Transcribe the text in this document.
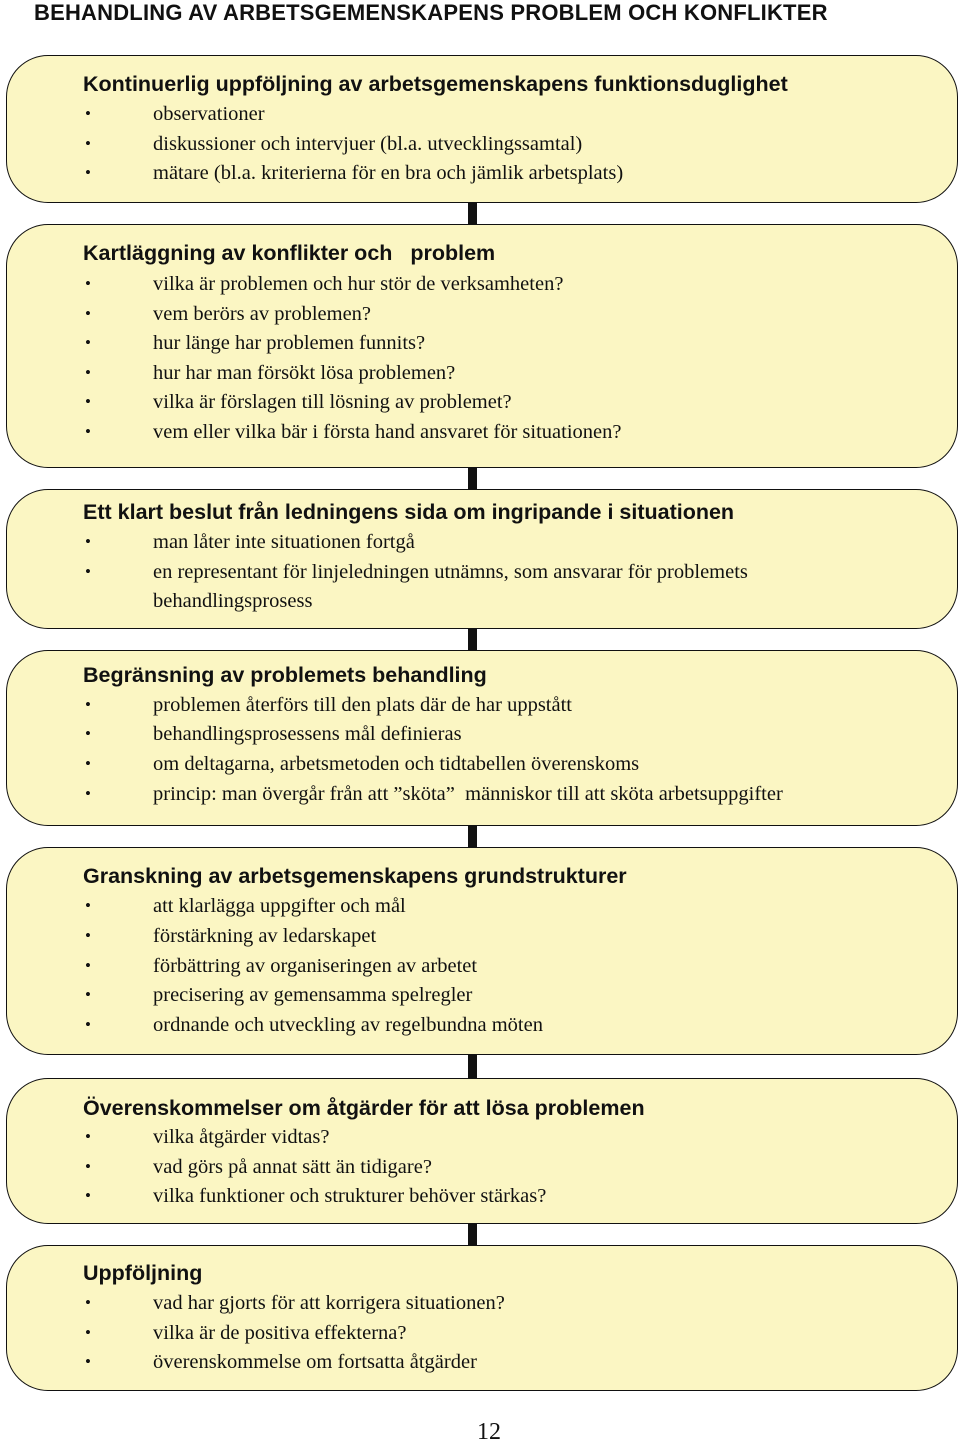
BEHANDLING AV ARBETSGEMENSKAPENS PROBLEM OCH KONFLIKTER
Kontinuerlig uppföljning av arbetsgemenskapens funktionsduglighet
•	observationer
•	diskussioner och intervjuer (bl.a. utvecklingssamtal)
•	mätare (bl.a. kriterierna för en bra och jämlik arbetsplats)
Kartläggning av konflikter och   problem
•	vilka är problemen och hur stör de verksamheten?
•	vem berörs av problemen?
•	hur länge har problemen funnits?
•	hur har man försökt lösa problemen?
•	vilka är förslagen till lösning av problemet?
•	vem eller vilka bär i första hand ansvaret för situationen?
Ett klart beslut från ledningens sida om ingripande i situationen
•	man låter inte situationen fortgå
•	en representant för linjeledningen utnämns, som ansvarar för problemets
behandlingsprosess
Begränsning av problemets behandling
•	problemen återförs till den plats där de har uppstått
•	behandlingsprosessens mål definieras
•	om deltagarna, arbetsmetoden och tidtabellen överenskoms
•	princip: man övergår från att ”sköta”  människor till att sköta arbetsuppgifter
Granskning av arbetsgemenskapens grundstrukturer
•	att klarlägga uppgifter och mål
•	förstärkning av ledarskapet
•	förbättring av organiseringen av arbetet
•	precisering av gemensamma spelregler
•	ordnande och utveckling av regelbundna möten
Överenskommelser om åtgärder för att lösa problemen
•	vilka åtgärder vidtas?
•	vad görs på annat sätt än tidigare?
•	vilka funktioner och strukturer behöver stärkas?
Uppföljning
•	vad har gjorts för att korrigera situationen?
•	vilka är de positiva effekterna?
•	överenskommelse om fortsatta åtgärder
12
